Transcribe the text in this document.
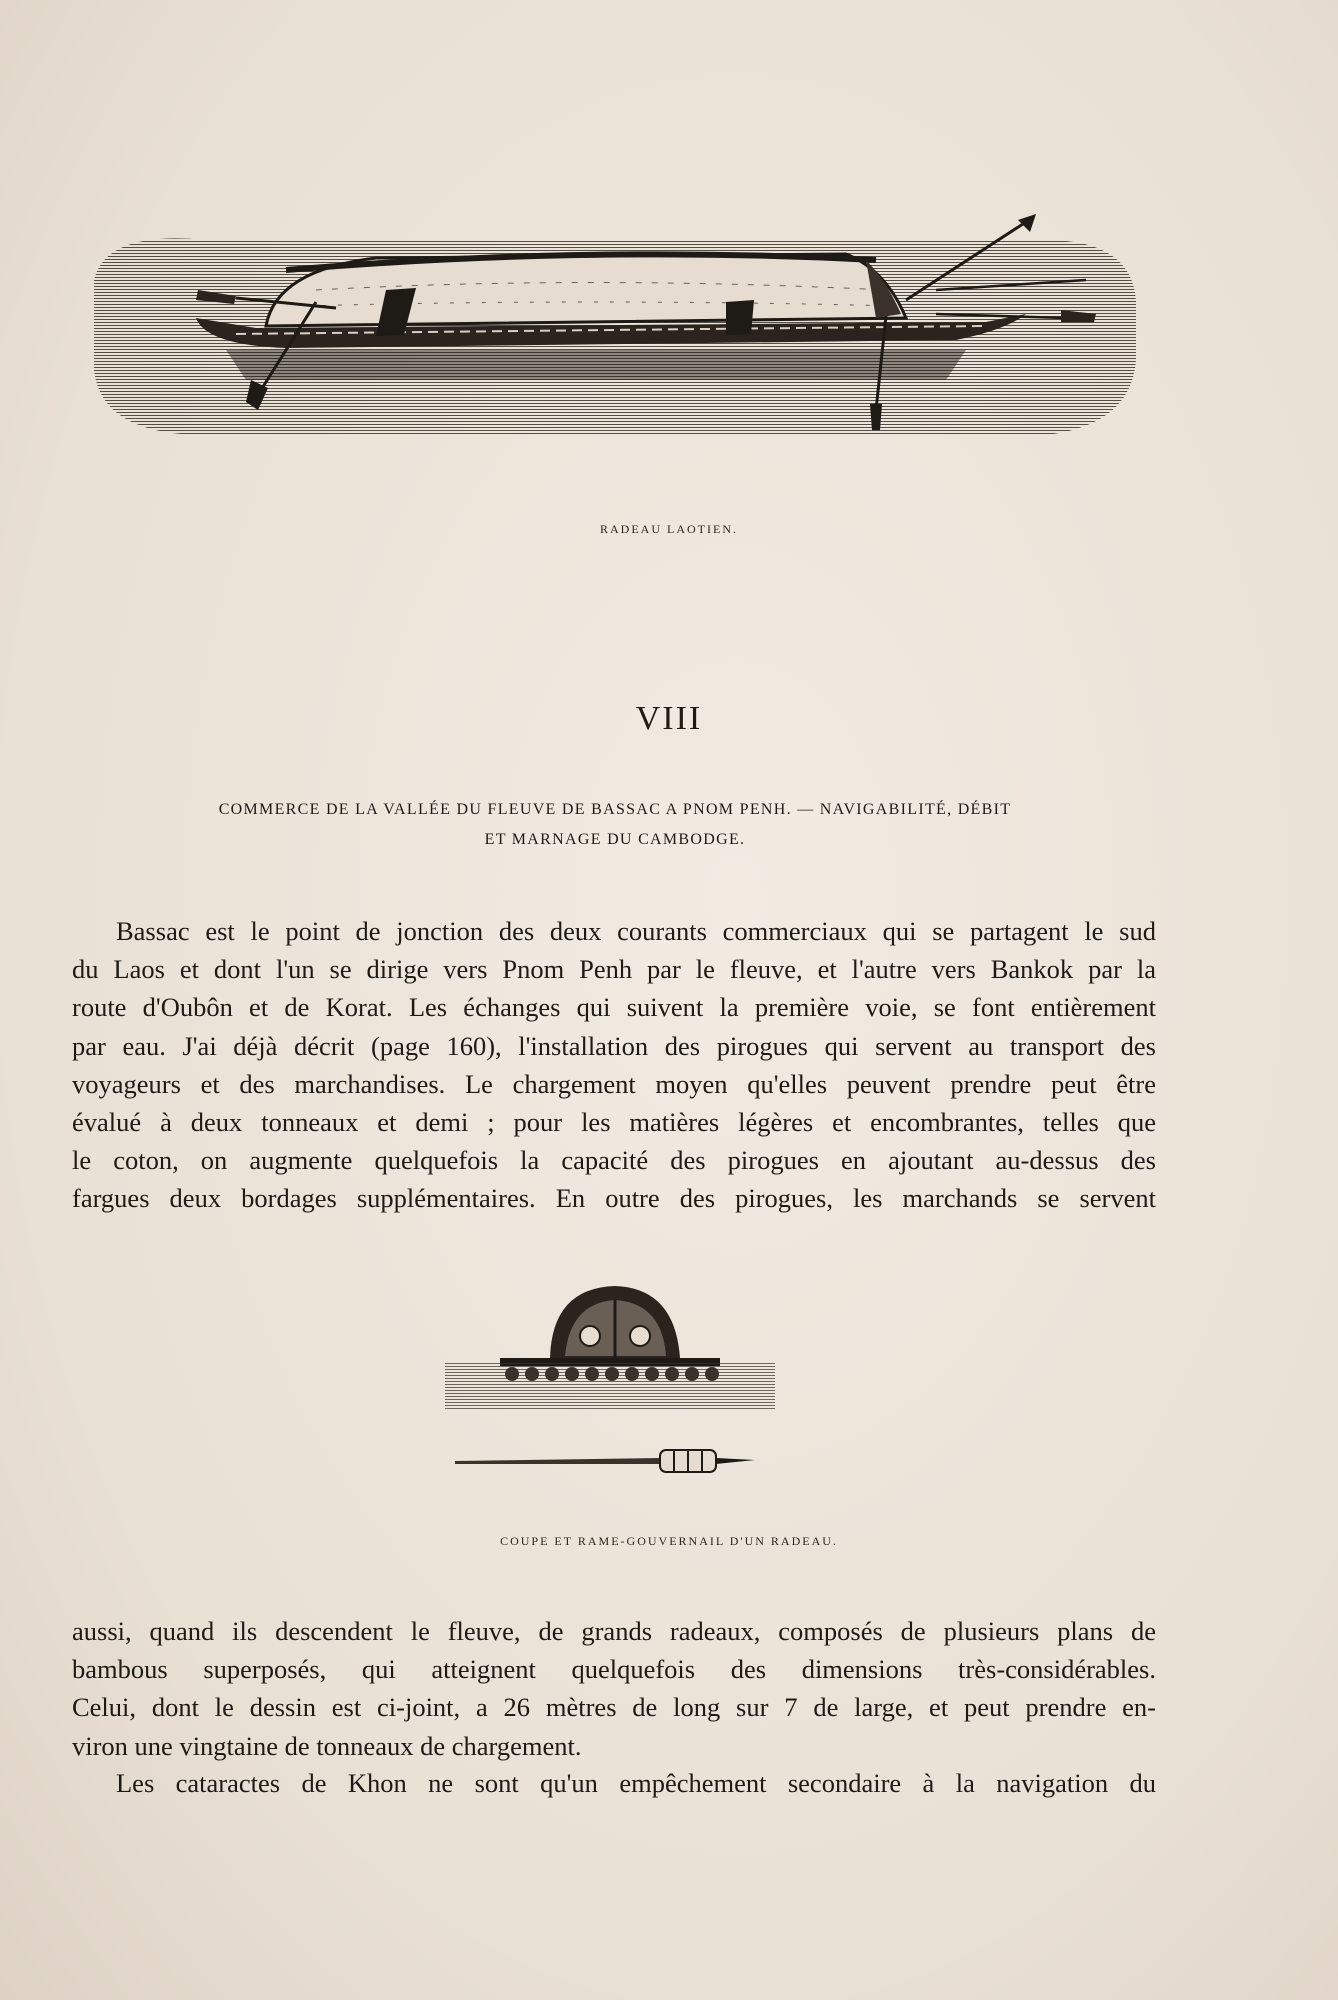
RADEAU LAOTIEN.
VIII
COMMERCE DE LA VALLÉE DU FLEUVE DE BASSAC A PNOM PENH. — NAVIGABILITÉ, DÉBIT
ET MARNAGE DU CAMBODGE.
Bassac est le point de jonction des deux courants commerciaux qui se partagent le sud
du Laos et dont l'un se dirige vers Pnom Penh par le fleuve, et l'autre vers Bankok par la
route d'Oubôn et de Korat. Les échanges qui suivent la première voie, se font entièrement
par eau. J'ai déjà décrit (page 160), l'installation des pirogues qui servent au transport des
voyageurs et des marchandises. Le chargement moyen qu'elles peuvent prendre peut être
évalué à deux tonneaux et demi ; pour les matières légères et encombrantes, telles que
le coton, on augmente quelquefois la capacité des pirogues en ajoutant au-dessus des
fargues deux bordages supplémentaires. En outre des pirogues, les marchands se servent
COUPE ET RAME-GOUVERNAIL D'UN RADEAU.
aussi, quand ils descendent le fleuve, de grands radeaux, composés de plusieurs plans de
bambous superposés, qui atteignent quelquefois des dimensions très-considérables.
Celui, dont le dessin est ci-joint, a 26 mètres de long sur 7 de large, et peut prendre en-
viron une vingtaine de tonneaux de chargement.
Les cataractes de Khon ne sont qu'un empêchement secondaire à la navigation du
